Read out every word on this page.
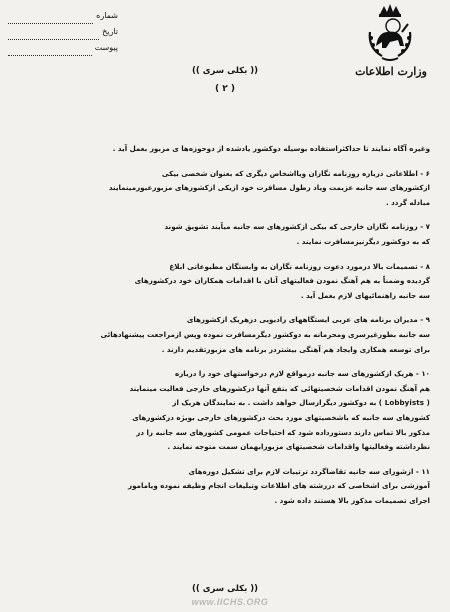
شماره
تاریخ
پیوست
وزارت اطلاعات
(( بکلی سری ))
( ۲ )
وغیره آگاه نمایند تا حداکثراستفاده بوسیله دوکشور یادشده از دوحوزه‌ها ی مزبور بعمل آید .
۶ - اطلاعاتی درباره روزنامه نگاران ویااشخاص دیگری که بعنوان شخصی بیکی
ازکشورهای سه جانبه عزیمت ویاد رطول مسافرت خود ازیکی ازکشورهای مزبورعبورمینمایند
مبادله گردد .
۷ - روزنامه نگاران خارجی که بیکی ازکشورهای سه جانبه میآیند تشویق شوند
که به دوکشور دیگرنیزمسافرت نمایند .
۸ - تصمیمات بالا درمورد دعوت روزنامه نگاران به وابستگان مطبوعاتی ابلاغ
گردیده وضمناً به هم آهنگ نمودن فعالیتهای آنان با اقدامات همکاران خود درکشورهای
سه جانبه راهنمائیهای لازم بعمل آید .
۹ - مدیران برنامه های عربی ایستگاههای رادیویی درهریک ازکشورهای
سه جانبه بطورغیرسری ومحرمانه به دوکشور دیگرمسافرت نموده وپس ازمراجعت پیشنهادهائی
برای توسعه همکاری وایجاد هم آهنگی بیشتردر برنامه های مزبورتقدیم دارند .
۱۰ - هریک ازکشورهای سه جانبه درمواقع لازم درخواستهای خود را درباره
هم آهنگ نمودن اقدامات شخصیتهائی که بنفع آنها درکشورهای خارجی فعالیت مینمایند
( Lobbyists ) به دوکشور دیگرارسال خواهد داشت . به نمایندگان هریک از
کشورهای سه جانبه که باشخصیتهای مورد بحث درکشورهای خارجی بویژه درکشورهای
مذکور بالا تماس دارند دستورداده شود که احتیاجات عمومی کشورهای سه جانبه را در
نظرداشته وفعالیتها واقدامات شخصیتهای مزبورابهمان سمت متوجه نمایند .
۱۱ - ازشورای سه جانبه تقاضاگردد ترتیبات لازم برای تشکیل دوره‌های
آموزشی برای اشخاصی که دررشته های اطلاعات وتبلیغات انجام وظیفه نموده ویامامور
اجرای تصمیمات مذکور بالا هستند داده شود .
(( بکلی سری ))
www.IICHS.ORG
